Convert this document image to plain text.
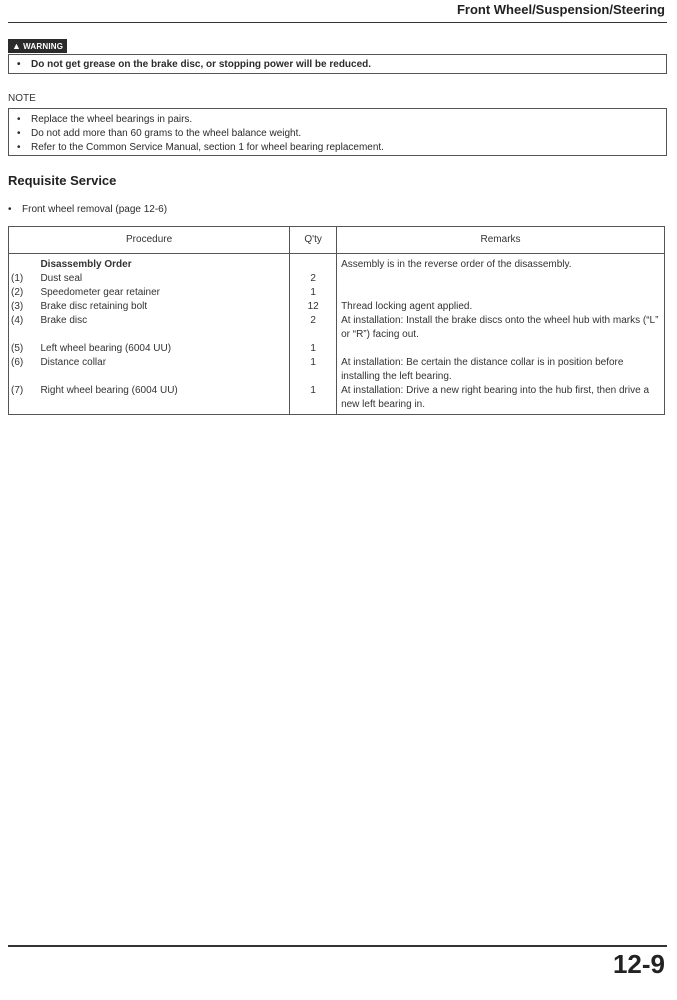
Front Wheel/Suspension/Steering
▲ WARNING
•	Do not get grease on the brake disc, or stopping power will be reduced.
NOTE
• Replace the wheel bearings in pairs.
• Do not add more than 60 grams to the wheel balance weight.
• Refer to the Common Service Manual, section 1 for wheel bearing replacement.
Requisite Service
• Front wheel removal (page 12-6)
Procedure		Q'ty	Remarks
	Disassembly Order		Assembly is in the reverse order of the disassembly.
(1)	Dust seal	2	
(2)	Speedometer gear retainer	1	
(3)	Brake disc retaining bolt	12	Thread locking agent applied.
(4)	Brake disc	2	At installation: Install the brake discs onto the wheel hub with marks (“L” or “R”) facing out.
(5)	Left wheel bearing (6004 UU)	1	
(6)	Distance collar	1	At installation: Be certain the distance collar is in position before installing the left bearing.
(7)	Right wheel bearing (6004 UU)	1	At installation: Drive a new right bearing into the hub first, then drive a new left bearing in.
12-9
